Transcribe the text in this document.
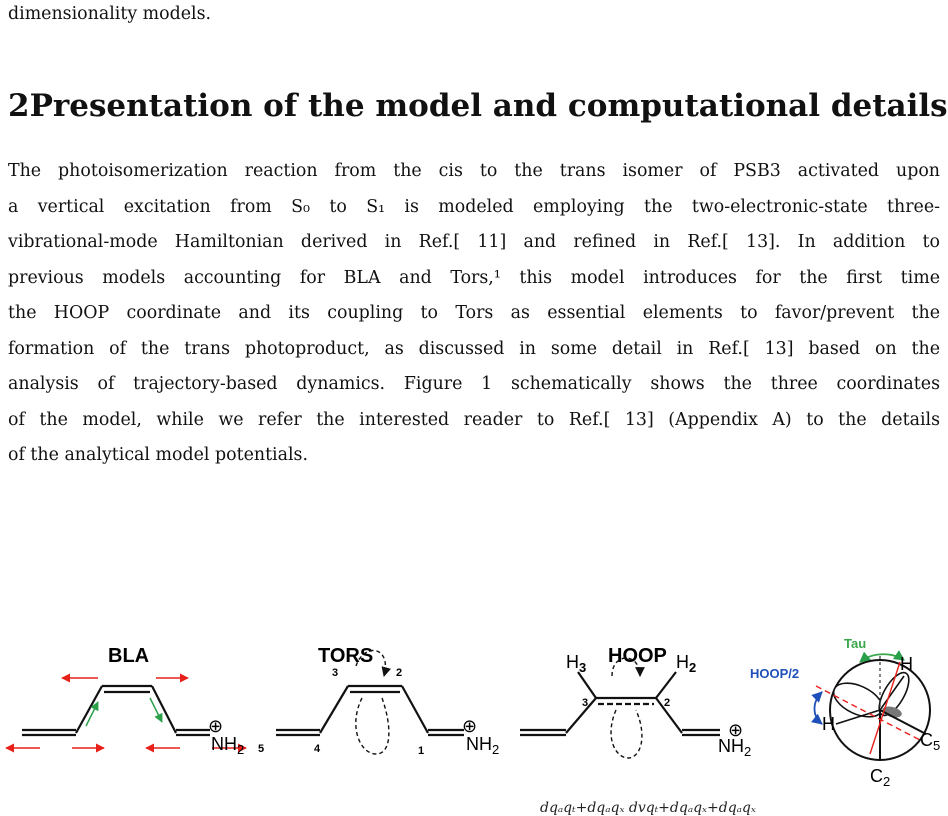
dimensionality models.
2 Presentation of the model and computational details
The photoisomerization reaction from the cis to the trans isomer of PSB3 activated upon
a vertical excitation from S₀ to S₁ is modeled employing the two-electronic-state three-
vibrational-mode Hamiltonian derived in Ref.[ 11] and refined in Ref.[ 13]. In addition to
previous models accounting for BLA and Tors,¹ this model introduces for the first time
the HOOP coordinate and its coupling to Tors as essential elements to favor/prevent the
formation of the trans photoproduct, as discussed in some detail in Ref.[ 13] based on the
analysis of trajectory-based dynamics. Figure 1 schematically shows the three coordinates
of the model, while we refer the interested reader to Ref.[ 13] (Appendix A) to the details
of the analytical model potentials.
BLA
⊕
$NH_2$ 5
TORS
3	2
4	1
⊕
$NH_2$
HOOP
$H_3$	$H_2$
3	2
⊕
$NH_2$
Tau
HOOP/2	H
H
$C_5$
$C_2$
dqₐqₜ+dqₐqₓ dvqₜ+dqₐqₓ+dqₐqₓ
